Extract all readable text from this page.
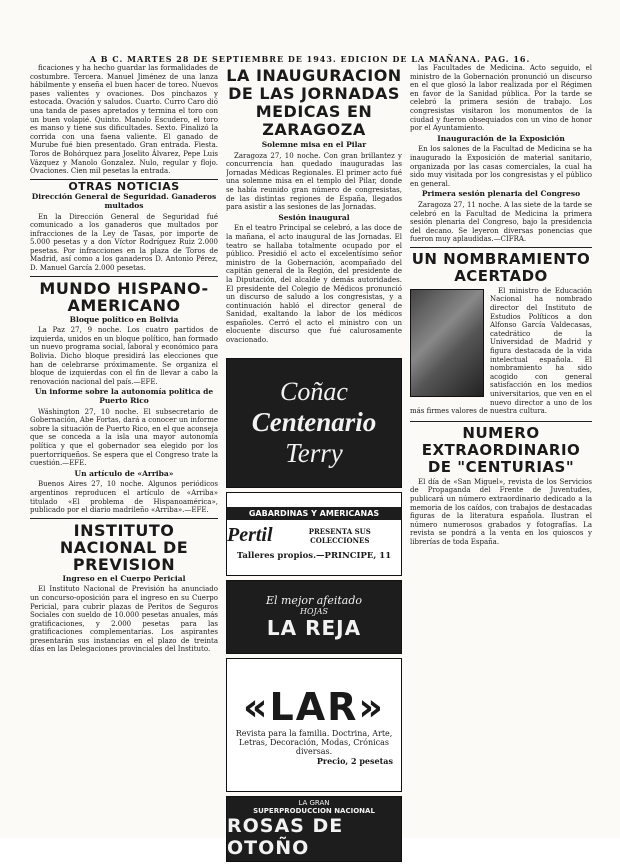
A B C. MARTES 28 DE SEPTIEMBRE DE 1943. EDICION DE LA MAÑANA. PAG. 16.

ficaciones y ha hecho guardar las formalidades de costumbre. Tercera. Manuel Jiménez de una lanza hábilmente y enseña el buen hacer de toreo. Nuevos pases valientes y ovaciones. Dos pinchazos y estocada. Ovación y saludos. Cuarto. Curro Caro dió una tanda de pases apretados y termina el toro con un buen volapié. Quinto. Manolo Escudero, el toro es manso y tiene sus dificultades. Sexto. Finalizó la corrida con una faena valiente. El ganado de Murube fué bien presentado. Gran entrada. Fiesta. Toros de Bohórquez para Joselito Álvarez, Pepe Luis Vázquez y Manolo Gonzalez. Nulo, regular y flojo. Ovaciones. Cien mil pesetas la entrada.

OTRAS NOTICIAS
Dirección General de Seguridad. Ganaderos multados

En la Dirección General de Seguridad fué comunicado a los ganaderos que multados por infracciones de la Ley de Tasas, por importe de 5.000 pesetas y a don Víctor Rodríguez Ruiz 2.000 pesetas. Por infracciones en la plaza de Toros de Madrid, así como a los ganaderos D. Antonio Pérez, D. Manuel García 2.000 pesetas.

MUNDO HISPANO-AMERICANO
Bloque político en Bolivia

La Paz 27, 9 noche. Los cuatro partidos de izquierda, unidos en un bloque político, han formado un nuevo programa social, laboral y económico para Bolivia. Dicho bloque presidirá las elecciones que han de celebrarse próximamente. Se organiza el bloque de izquierdas con el fin de llevar a cabo la renovación nacional del país.—EFE.

Un informe sobre la autonomía política de Puerto Rico

Wáshington 27, 10 noche. El subsecretario de Gobernación, Abe Fortas, dará a conocer un informe sobre la situación de Puerto Rico, en el que aconseja que se conceda a la isla una mayor autonomía política y que el gobernador sea elegido por los puertorriqueños. Se espera que el Congreso trate la cuestión.—EFE.

Un artículo de «Arriba»

Buenos Aires 27, 10 noche. Algunos periódicos argentinos reproducen el artículo de «Arriba» titulado «El problema de Hispanoamérica», publicado por el diario madrileño «Arriba».—EFE.

INSTITUTO NACIONAL DE PREVISION
Ingreso en el Cuerpo Pericial

El Instituto Nacional de Previsión ha anunciado un concurso-oposición para el ingreso en su Cuerpo Pericial, para cubrir plazas de Peritos de Seguros Sociales con sueldo de 10.000 pesetas anuales, más gratificaciones, y 2.000 pesetas para las gratificaciones complementarias. Los aspirantes presentarán sus instancias en el plazo de treinta días en las Delegaciones provinciales del Instituto.

LA INAUGURACION DE LAS JORNADAS MEDICAS EN ZARAGOZA
Solemne misa en el Pilar

Zaragoza 27, 10 noche. Con gran brillantez y concurrencia han quedado inauguradas las Jornadas Médicas Regionales. El primer acto fué una solemne misa en el templo del Pilar, donde se había reunido gran número de congresistas, de las distintas regiones de España, llegados para asistir a las sesiones de las Jornadas.

Sesión inaugural

En el teatro Principal se celebró, a las doce de la mañana, el acto inaugural de las Jornadas. El teatro se hallaba totalmente ocupado por el público. Presidió el acto el excelentísimo señor ministro de la Gobernación, acompañado del capitán general de la Región, del presidente de la Diputación, del alcalde y demás autoridades. El presidente del Colegio de Médicos pronunció un discurso de saludo a los congresistas, y a continuación habló el director general de Sanidad, exaltando la labor de los médicos españoles. Cerró el acto el ministro con un elocuente discurso que fué calurosamente ovacionado.

Coñac
Centenario
Terry
GABARDINAS Y AMERICANAS
Pertil	PRESENTA SUS COLECCIONES
Talleres propios.—PRINCIPE, 11
El mejor afeitado
HOJAS
LA REJA
«LAR»
Revista para la familia. Doctrina, Arte, Letras, Decoración, Modas, Crónicas diversas.
Precio, 2 pesetas
LA GRAN
SUPERPRODUCCION NACIONAL
ROSAS DE OTOÑO

las Facultades de Medicina. Acto seguido, el ministro de la Gobernación pronunció un discurso en el que glosó la labor realizada por el Régimen en favor de la Sanidad pública. Por la tarde se celebró la primera sesión de trabajo. Los congresistas visitaron los monumentos de la ciudad y fueron obsequiados con un vino de honor por el Ayuntamiento.

Inauguración de la Exposición

En los salones de la Facultad de Medicina se ha inaugurado la Exposición de material sanitario, organizada por las casas comerciales, la cual ha sido muy visitada por los congresistas y el público en general.

Primera sesión plenaria del Congreso

Zaragoza 27, 11 noche. A las siete de la tarde se celebró en la Facultad de Medicina la primera sesión plenaria del Congreso, bajo la presidencia del decano. Se leyeron diversas ponencias que fueron muy aplaudidas.—CIFRA.

UN NOMBRAMIENTO ACERTADO

El ministro de Educación Nacional ha nombrado director del Instituto de Estudios Políticos a don Alfonso García Valdecasas, catedrático de la Universidad de Madrid y figura destacada de la vida intelectual española. El nombramiento ha sido acogido con general satisfacción en los medios universitarios, que ven en el nuevo director a uno de los más firmes valores de nuestra cultura.

NUMERO EXTRAORDINARIO DE "CENTURIAS"

El día de «San Miguel», revista de los Servicios de Propaganda del Frente de Juventudes, publicará un número extraordinario dedicado a la memoria de los caídos, con trabajos de destacadas figuras de la literatura española. Ilustran el número numerosos grabados y fotografías. La revista se pondrá a la venta en los quioscos y librerías de toda España.
